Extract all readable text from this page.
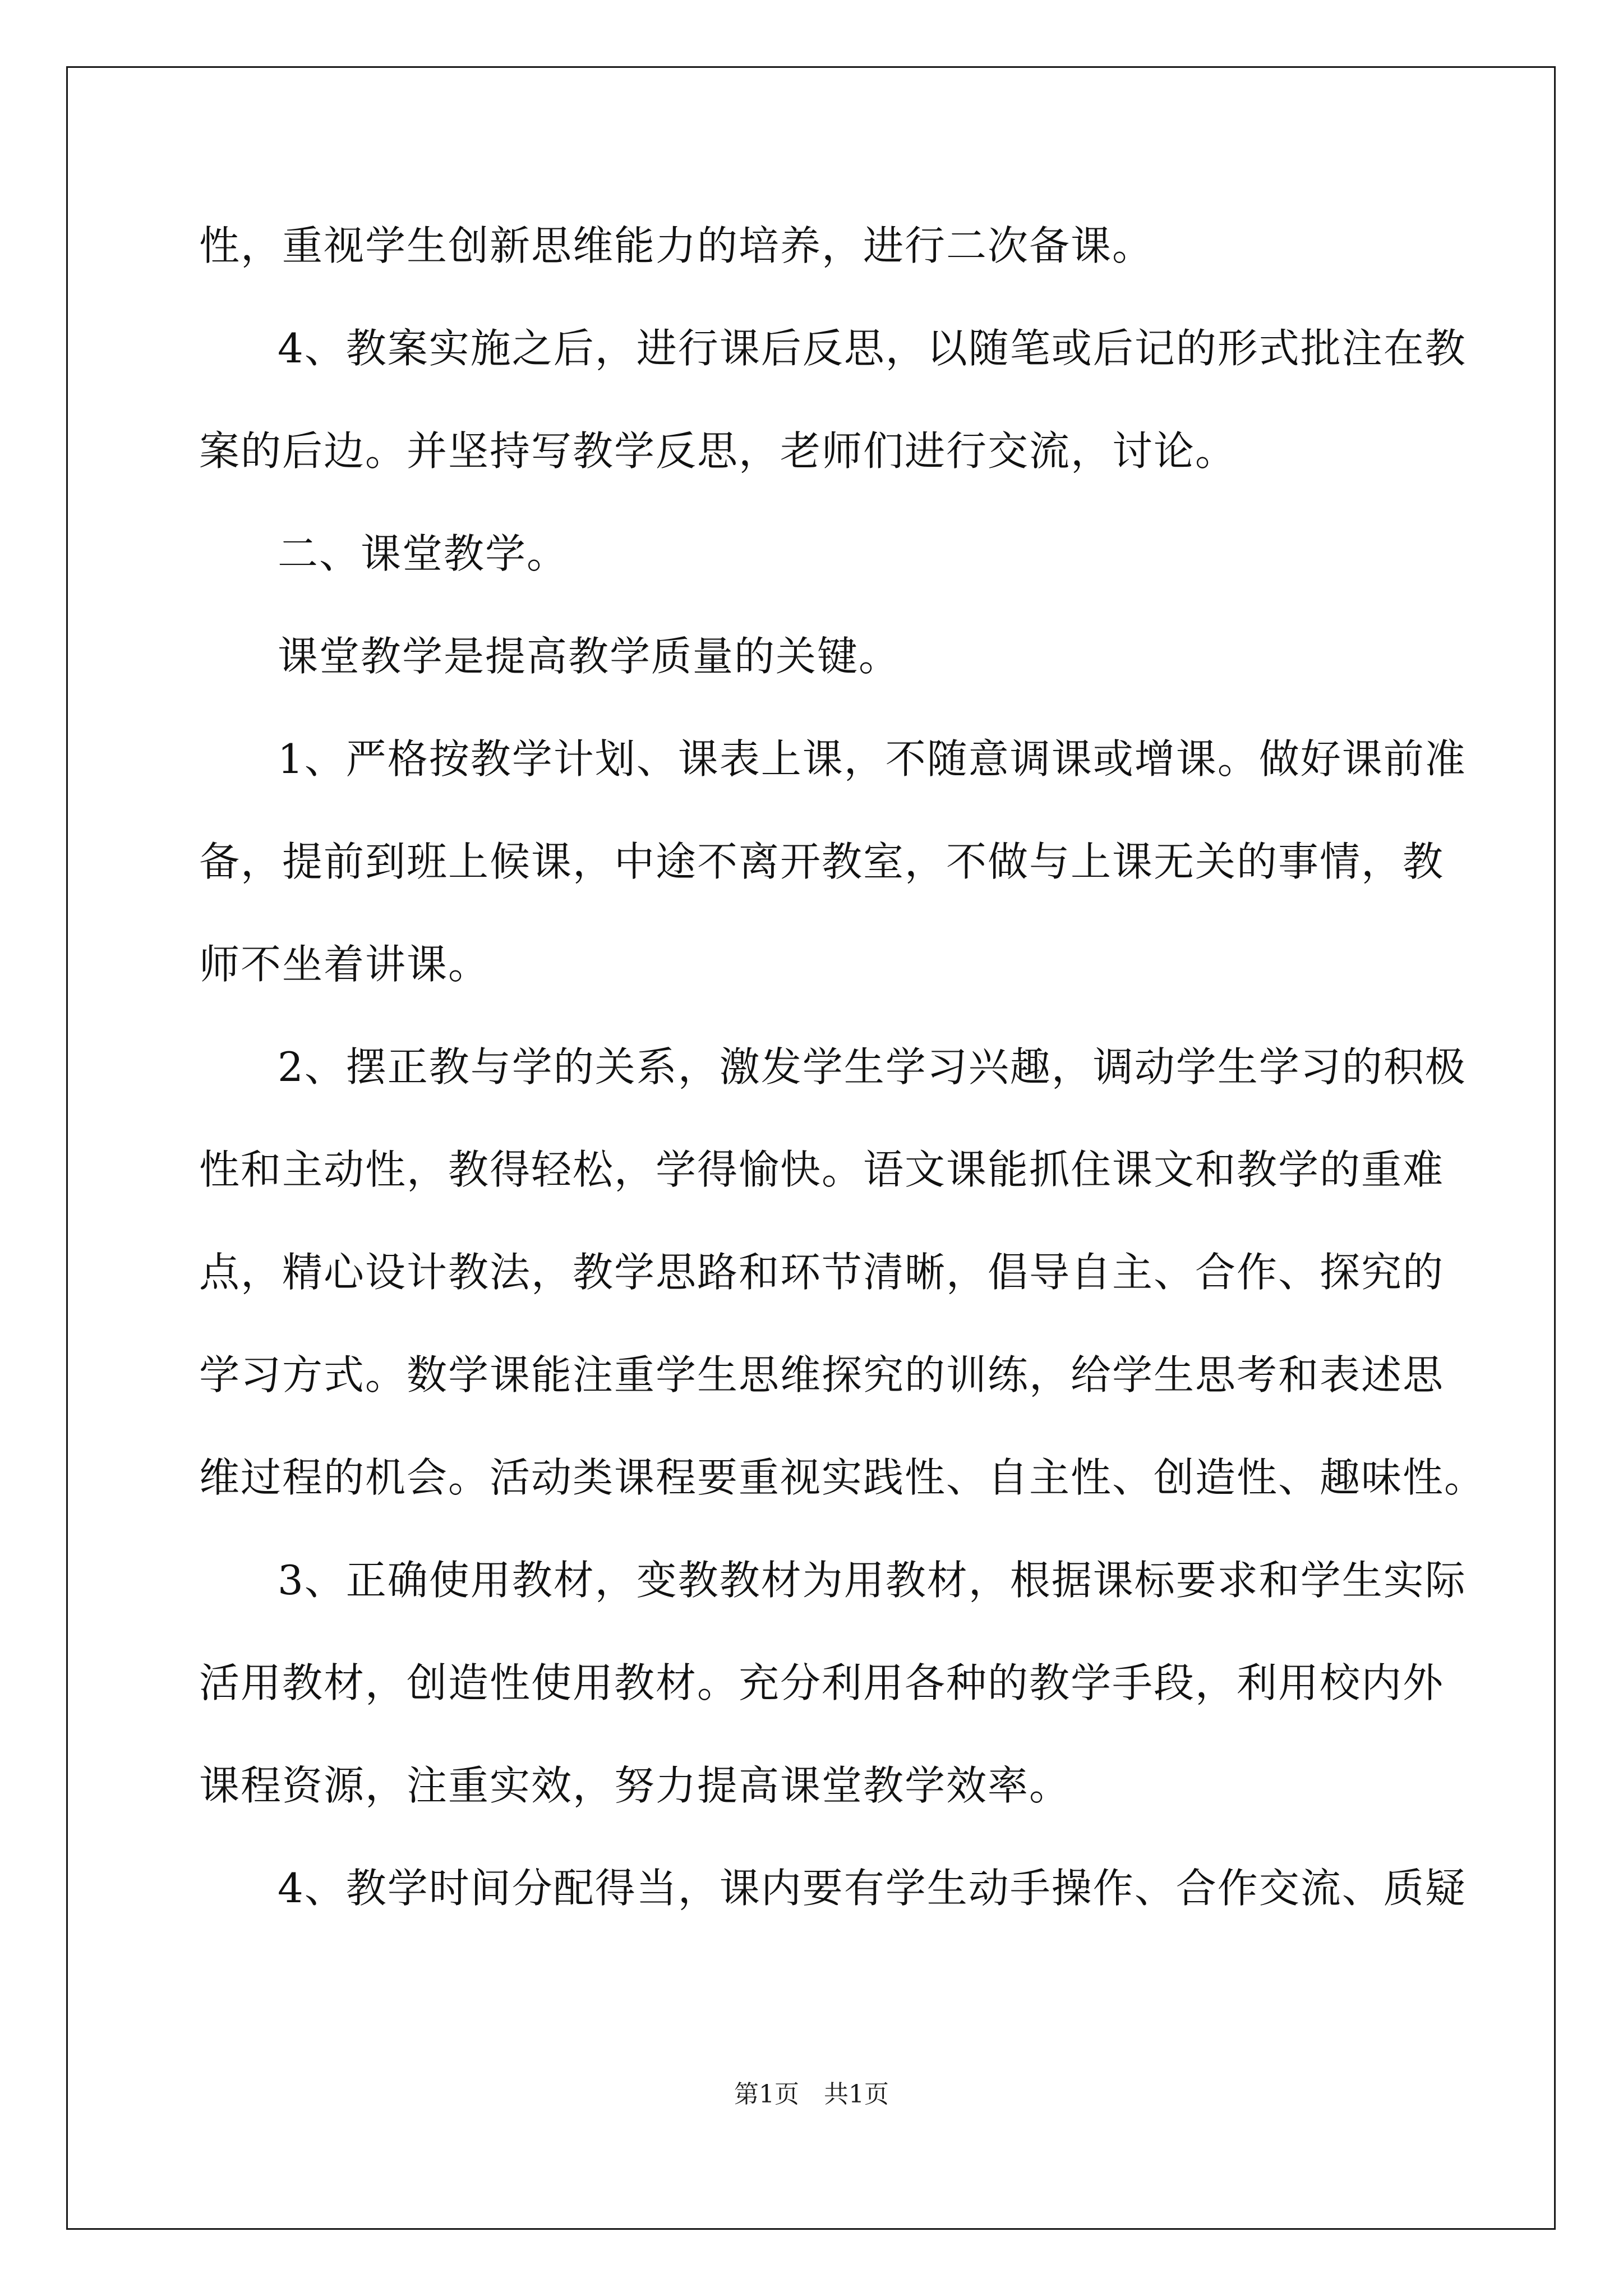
性，重视学生创新思维能力的培养，进行二次备课。
4、教案实施之后，进行课后反思，以随笔或后记的形式批注在教
案的后边。并坚持写教学反思，老师们进行交流，讨论。
二、课堂教学。
课堂教学是提高教学质量的关键。
1、严格按教学计划、课表上课，不随意调课或增课。做好课前准
备，提前到班上候课，中途不离开教室，不做与上课无关的事情，教
师不坐着讲课。
2、摆正教与学的关系，激发学生学习兴趣，调动学生学习的积极
性和主动性，教得轻松，学得愉快。语文课能抓住课文和教学的重难
点，精心设计教法，教学思路和环节清晰，倡导自主、合作、探究的
学习方式。数学课能注重学生思维探究的训练，给学生思考和表述思
维过程的机会。活动类课程要重视实践性、自主性、创造性、趣味性。
3、正确使用教材，变教教材为用教材，根据课标要求和学生实际
活用教材，创造性使用教材。充分利用各种的教学手段，利用校内外
课程资源，注重实效，努力提高课堂教学效率。
4、教学时间分配得当，课内要有学生动手操作、合作交流、质疑
第1页　共1页
